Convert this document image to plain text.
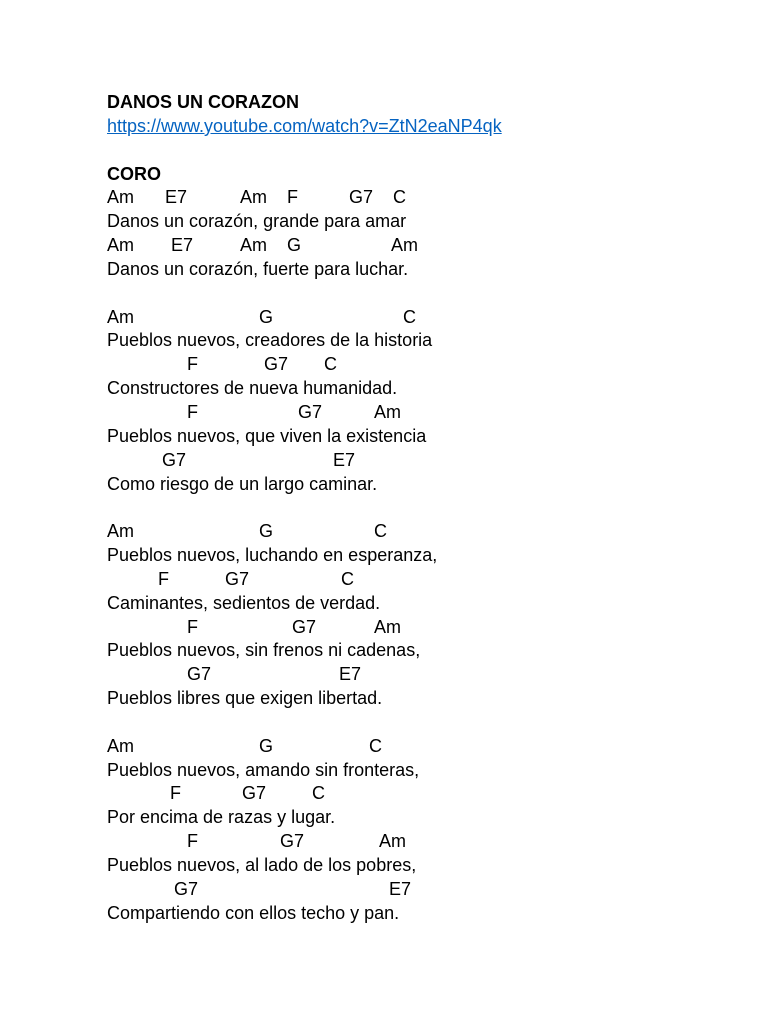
DANOS UN CORAZON
https://www.youtube.com/watch?v=ZtN2eaNP4qk
CORO

Am

E7

	Am

F

	G7

C

Danos un corazón, grande para amar

Am

E7

	Am

G

	Am

Danos un corazón, fuerte para luchar.

Am

	G

	C

Pueblos nuevos, creadores de la historia

F

	G7

C

Constructores de nueva humanidad.

F

	G7

	Am

Pueblos nuevos, que viven la existencia

G7

	E7

Como riesgo de un largo caminar.

Am

	G

	C

Pueblos nuevos, luchando en esperanza,

F

	G7

	C

Caminantes, sedientos de verdad.

F

	G7

	Am

Pueblos nuevos, sin frenos ni cadenas,

G7

	E7

Pueblos libres que exigen libertad.

Am

	G

	C

Pueblos nuevos, amando sin fronteras,

F

	G7

	C

Por encima de razas y lugar.

F

	G7

	Am

Pueblos nuevos, al lado de los pobres,

G7

	E7

Compartiendo con ellos techo y pan.
